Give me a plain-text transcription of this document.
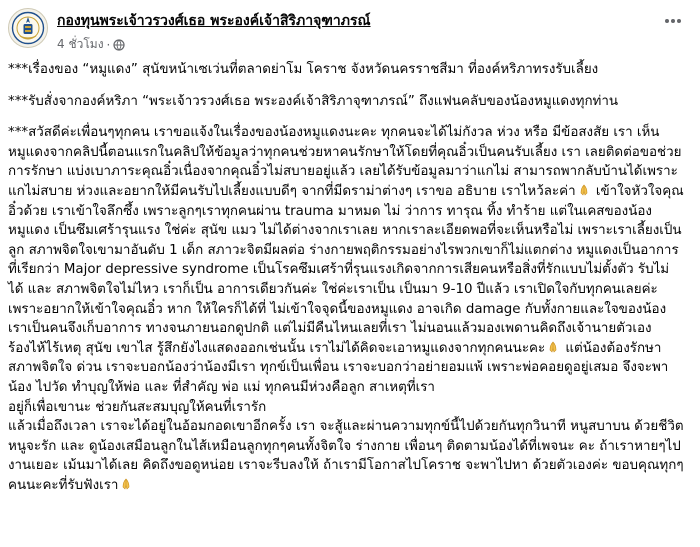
กองทุนพระเจ้าวรวงศ์เธอ พระองค์เจ้าสิริภาจุฑาภรณ์
4 ชั่วโมง ·

***เรื่องของ “หมูแดง” สุนัขหน้าเซเว่นที่ตลาดย่าโม โคราช จังหวัดนครราชสีมา ที่องค์หริภาทรงรับเลี้ยง

***รับสั่งจากองค์หริภา “พระเจ้าวรวงศ์เธอ พระองค์เจ้าสิริภาจุฑาภรณ์” ถึงแฟนคลับของน้องหมูแดงทุกท่าน

***สวัสดีค่ะเพื่อนๆทุกคน เราขอแจ้งในเรื่องของน้องหมูแดงนะคะ ทุกคนจะได้ไม่กังวล ห่วง หรือ มีข้อสงสัย เรา เห็นหมูแดงจากคลิปนี้ตอนแรกในคลิปให้ข้อมูลว่าทุกคนช่วยหาคนรักษาให้โดยที่คุณอิ๋วเป็นคนรับเลี้ยง เรา เลยติดต่อขอช่วยการรักษา แบ่งเบาภาระคุณอิ๋วเนื่องจากคุณอิ๋วไม่สบายอยู่แล้ว เลยได้รับข้อมูลมาว่าแกไม่ สามารถพากลับบ้านได้เพราะแกไม่สบาย ห่วงและอยากให้มีคนรับไปเลี้ยงแบบดีๆ จากที่มีดราม่าต่างๆ เราขอ อธิบาย เราไหว้ละค่า เข้าใจหัวใจคุณอิ๋วด้วย เราเข้าใจลึกซึ้ง เพราะลูกๆเราทุกคนผ่าน trauma มาหมด ไม่ ว่าการ ทารุณ ทิ้ง ทำร้าย แต่ในเคสของน้องหมูแดง เป็นซึมเศร้ารุนแรง ใช่ค่ะ สุนัข แมว ไม่ได้ต่างจากเราเลย หากเราละเอียดพอที่จะเห็นหรือไม่ เพราะเราเลี้ยงเป็นลูก สภาพจิตใจเขามาอันดับ 1 เด็ก สภาวะจิตมีผลต่อ ร่างกายพฤติกรรมอย่างไรพวกเขาก็ไม่แตกต่าง หมูแดงเป็นอาการที่เรียกว่า Major depressive syndrome เป็นโรคซึมเศร้าที่รุนแรงเกิดจากการเสียคนหรือสิ่งที่รักแบบไม่ตั้งตัว รับไม่ได้ และ สภาพจิตใจไม่ไหว เราก็เป็น อาการเดียวกันค่ะ ใช่ค่ะเราเป็น เป็นมา 9-10 ปีแล้ว เราเปิดใจกับทุกคนเลยค่ะ เพราะอยากให้เข้าใจคุณอิ๋ว หาก ให้ใครก็ได้ที่ ไม่เข้าใจจุดนี้ของหมูแดง อาจเกิด damage กับทั้งกายและใจของน้อง เราเป็นคนจึงเก็บอาการ ทางจนภายนอกดูปกติ แต่ไม่มีคืนไหนเลยที่เรา ไม่นอนแล้วมองเพดานคิดถึงเจ้านายตัวเอง ร้องไห้ไร้เหตุ สุนัข เขาไส รู้สึกยังไงแสดงออกเช่นนั้น เราไม่ได้คิดจะเอาหมูแดงจากทุกคนนะคะ แต่น้องต้องรักษาสภาพจิตใจ ด่วน เราจะบอกน้องว่าน้องมีเรา ทุกข์เป็นเพื่อน เราจะบอกว่าอย่ายอมแพ้ เพราะพ่อคอยดูอยู่เสมอ จึงจะพาน้อง ไปวัด ทำบุญให้พ่อ และ ที่สำคัญ พ่อ แม่ ทุกคนมีห่วงคือลูก สาเหตุที่เรา

อยู่ก็เพื่อเขานะ ช่วยกันสะสมบุญให้คนที่เรารัก

แล้วเมื่อถึงเวลา เราจะได้อยู่ในอ้อมกอดเขาอีกครั้ง เรา จะสู้และผ่านความทุกข์นี้ไปด้วยกันทุกวินาที หนูสบาบน ด้วยชีวิตหนูจะรัก และ ดูน้องเสมือนลูกในไส้เหมือนลูกทุกๆคนทั้งจิตใจ ร่างกาย เพื่อนๆ ติดตามน้องได้ที่เพจนะ คะ ถ้าเราหายๆไปงานเยอะ เม้นมาได้เลย คิดถึงขอดูหน่อย เราจะรีบลงให้ ถ้าเรามีโอกาสไปโคราช จะพาไปหา ด้วยตัวเองค่ะ ขอบคุณทุกๆคนนะคะที่รับฟังเรา
